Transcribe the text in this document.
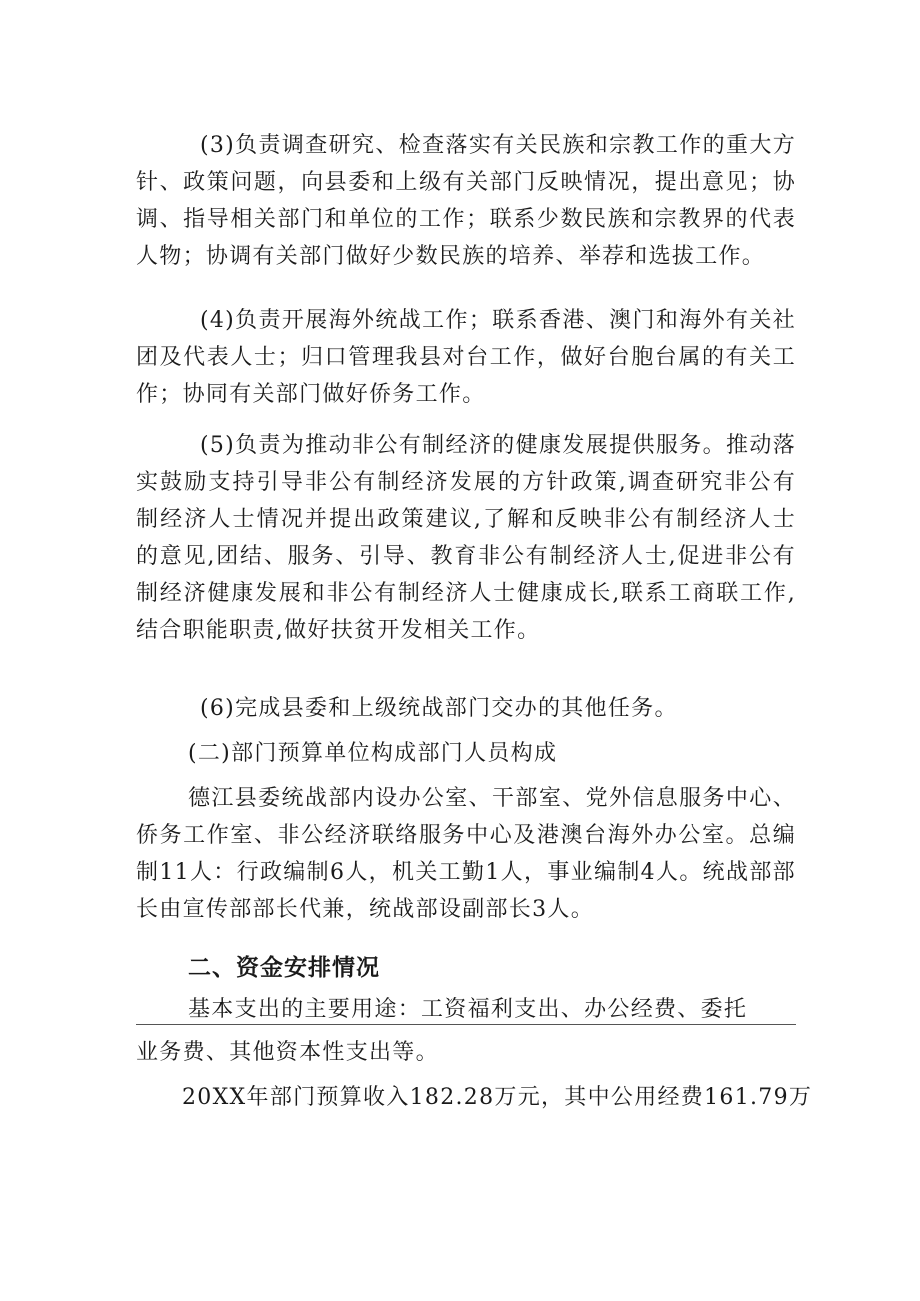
(3)负责调查研究、检查落实有关民族和宗教工作的重大方针、政策问题，向县委和上级有关部门反映情况，提出意见；协调、指导相关部门和单位的工作；联系少数民族和宗教界的代表人物；协调有关部门做好少数民族的培养、举荐和选拔工作。

(4)负责开展海外统战工作；联系香港、澳门和海外有关社团及代表人士；归口管理我县对台工作，做好台胞台属的有关工作；协同有关部门做好侨务工作。

(5)负责为推动非公有制经济的健康发展提供服务。推动落实鼓励支持引导非公有制经济发展的方针政策,调查研究非公有制经济人士情况并提出政策建议,了解和反映非公有制经济人士的意见,团结、服务、引导、教育非公有制经济人士,促进非公有制经济健康发展和非公有制经济人士健康成长,联系工商联工作,结合职能职责,做好扶贫开发相关工作。

(6)完成县委和上级统战部门交办的其他任务。

(二)部门预算单位构成部门人员构成

德江县委统战部内设办公室、干部室、党外信息服务中心、侨务工作室、非公经济联络服务中心及港澳台海外办公室。总编制11人：行政编制6人，机关工勤1人，事业编制4人。统战部部长由宣传部部长代兼，统战部设副部长3人。

二、资金安排情况

基本支出的主要用途：工资福利支出、办公经费、委托

业务费、其他资本性支出等。

20XX年部门预算收入182.28万元，其中公用经费161.79万
